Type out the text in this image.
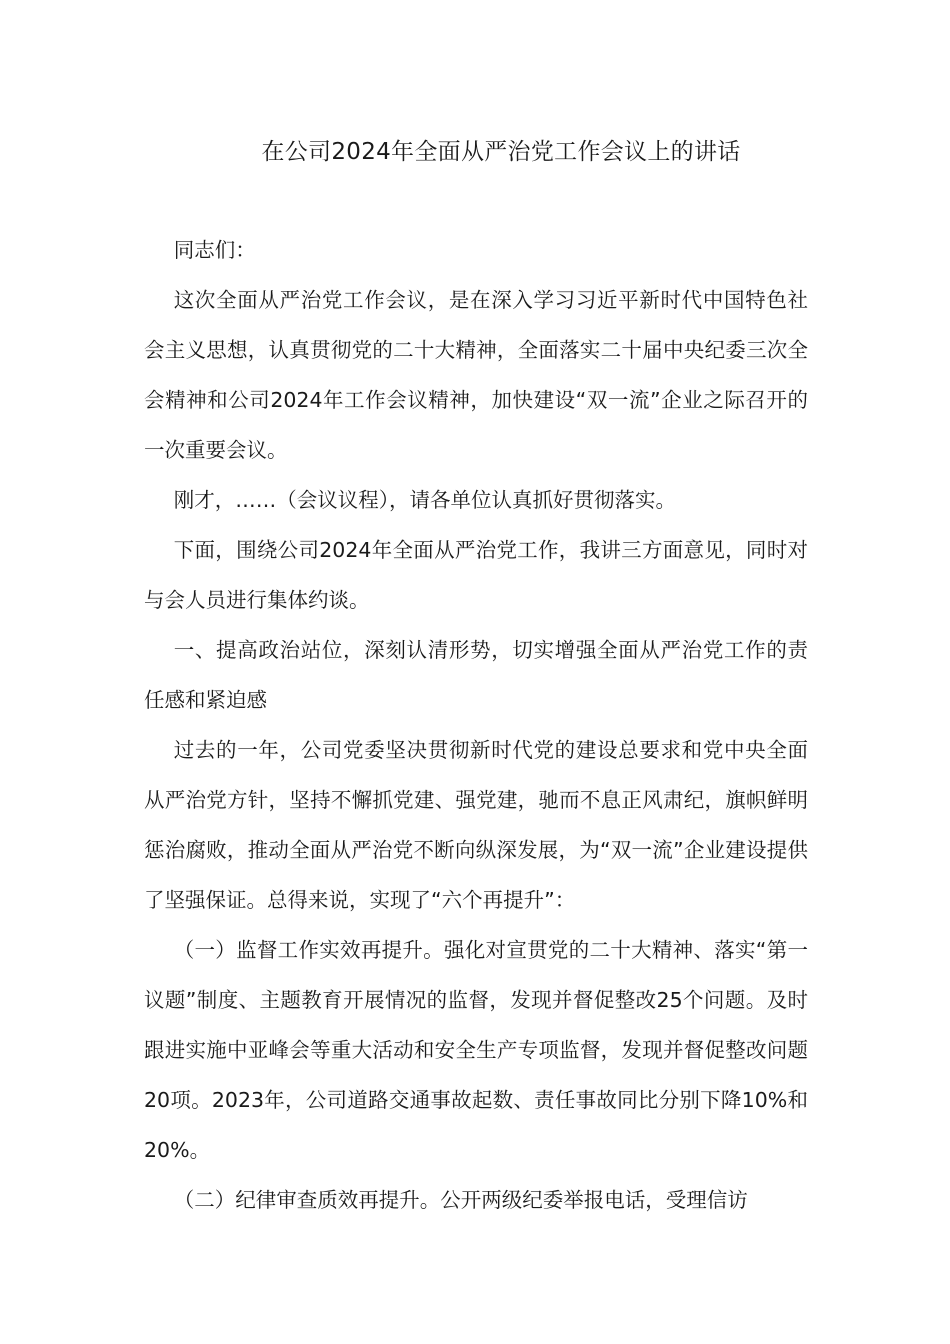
在公司2024年全面从严治党工作会议上的讲话

同志们：

这次全面从严治党工作会议，是在深入学习习近平新时代中国特色社会主义思想，认真贯彻党的二十大精神，全面落实二十届中央纪委三次全会精神和公司2024年工作会议精神，加快建设“双一流”企业之际召开的一次重要会议。

刚才，……（会议议程），请各单位认真抓好贯彻落实。

下面，围绕公司2024年全面从严治党工作，我讲三方面意见，同时对与会人员进行集体约谈。

一、提高政治站位，深刻认清形势，切实增强全面从严治党工作的责任感和紧迫感

过去的一年，公司党委坚决贯彻新时代党的建设总要求和党中央全面从严治党方针，坚持不懈抓党建、强党建，驰而不息正风肃纪，旗帜鲜明惩治腐败，推动全面从严治党不断向纵深发展，为“双一流”企业建设提供了坚强保证。总得来说，实现了“六个再提升”：

（一）监督工作实效再提升。强化对宣贯党的二十大精神、落实“第一议题”制度、主题教育开展情况的监督，发现并督促整改25个问题。及时跟进实施中亚峰会等重大活动和安全生产专项监督，发现并督促整改问题20项。2023年，公司道路交通事故起数、责任事故同比分别下降10%和20%。

（二）纪律审查质效再提升。公开两级纪委举报电话，受理信访
